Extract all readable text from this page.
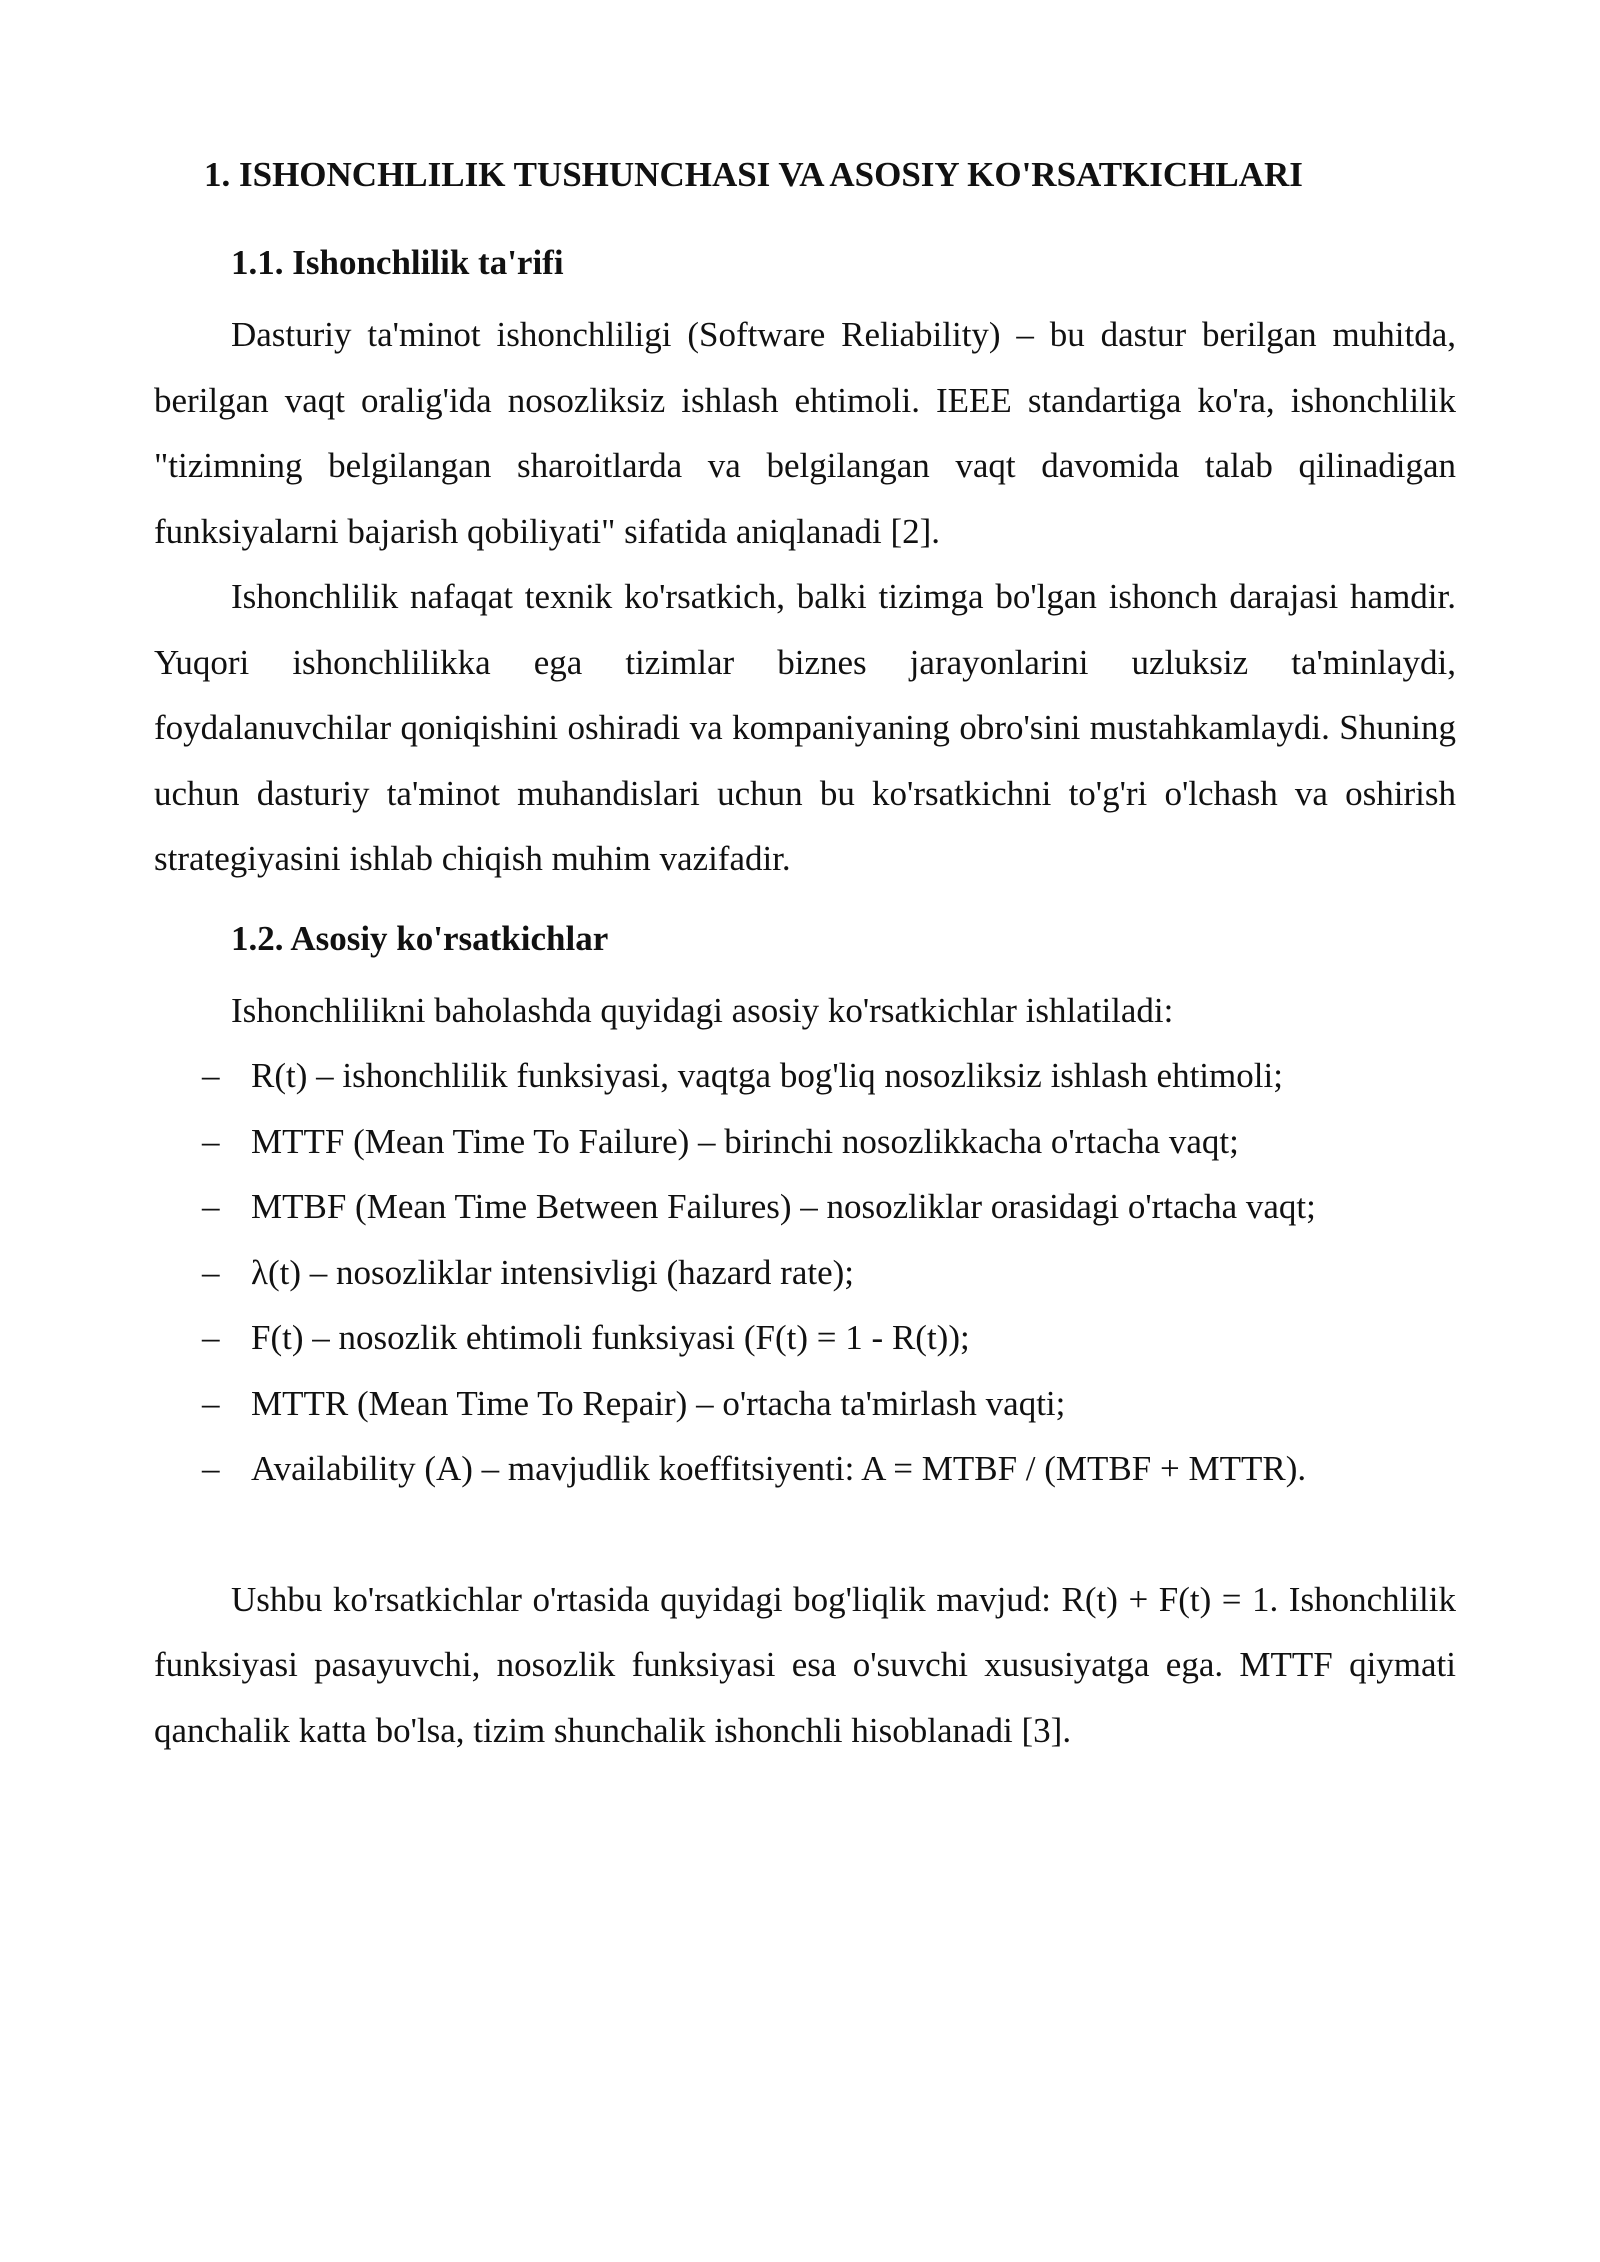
1. ISHONCHLILIK TUSHUNCHASI VA ASOSIY KO'RSATKICHLARI
1.1. Ishonchlilik ta'rifi

Dasturiy ta'minot ishonchliligi (Software Reliability) – bu dastur berilgan muhitda, berilgan vaqt oralig'ida nosozliksiz ishlash ehtimoli. IEEE standartiga ko'ra, ishonchlilik "tizimning belgilangan sharoitlarda va belgilangan vaqt davomida talab qilinadigan funksiyalarni bajarish qobiliyati" sifatida aniqlanadi [2].

Ishonchlilik nafaqat texnik ko'rsatkich, balki tizimga bo'lgan ishonch darajasi hamdir. Yuqori ishonchlilikka ega tizimlar biznes jarayonlarini uzluksiz ta'minlaydi, foydalanuvchilar qoniqishini oshiradi va kompaniyaning obro'sini mustahkamlaydi. Shuning uchun dasturiy ta'minot muhandislari uchun bu ko'rsatkichni to'g'ri o'lchash va oshirish strategiyasini ishlab chiqish muhim vazifadir.

1.2. Asosiy ko'rsatkichlar
Ishonchlilikni baholashda quyidagi asosiy ko'rsatkichlar ishlatiladi:
– R(t) – ishonchlilik funksiyasi, vaqtga bog'liq nosozliksiz ishlash ehtimoli;
– MTTF (Mean Time To Failure) – birinchi nosozlikkacha o'rtacha vaqt;
– MTBF (Mean Time Between Failures) – nosozliklar orasidagi o'rtacha vaqt;
– λ(t) – nosozliklar intensivligi (hazard rate);
– F(t) – nosozlik ehtimoli funksiyasi (F(t) = 1 - R(t));
– MTTR (Mean Time To Repair) – o'rtacha ta'mirlash vaqti;
– Availability (A) – mavjudlik koeffitsiyenti: A = MTBF / (MTBF + MTTR).

Ushbu ko'rsatkichlar o'rtasida quyidagi bog'liqlik mavjud: R(t) + F(t) = 1. Ishonchlilik funksiyasi pasayuvchi, nosozlik funksiyasi esa o'suvchi xususiyatga ega. MTTF qiymati qanchalik katta bo'lsa, tizim shunchalik ishonchli hisoblanadi [3].
